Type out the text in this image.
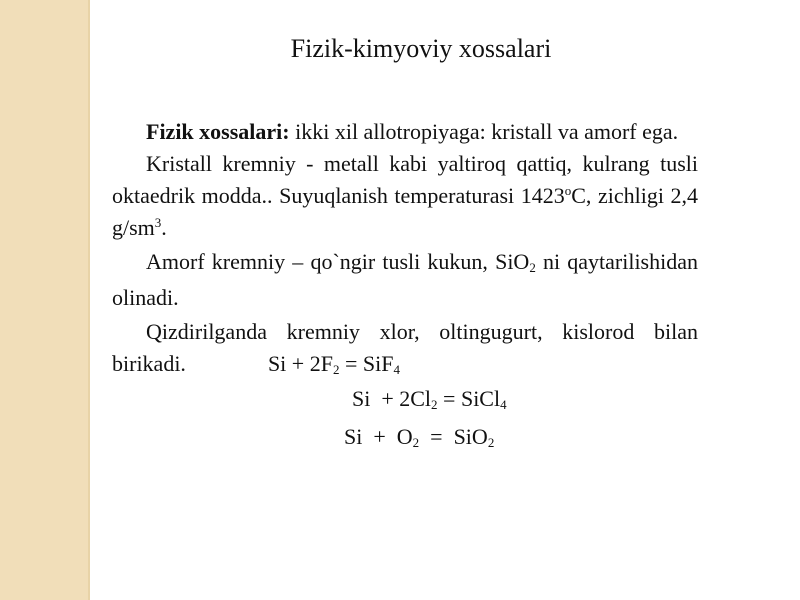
Fizik-kimyoviy xossalari

Fizik xossalari: ikki xil allotropiyaga: kristall va amorf ega.

Kristall kremniy - metall kabi yaltiroq qattiq, kulrang tusli oktaedrik modda.. Suyuqlanish temperaturasi 1423$^o$C, zichligi 2,4 $g/sm^3$.

Amorf kremniy – qo`ngir tusli kukun, SiO$_2$ ni qaytarilishidan olinadi.

Qizdirilganda kremniy xlor, oltingugurt, kislorod bilan birikadi.	$Si + 2F_2 = SiF_4$

$Si + 2Cl_2$ = SiCl$_4$

$Si + O_2 = SiO_2$
